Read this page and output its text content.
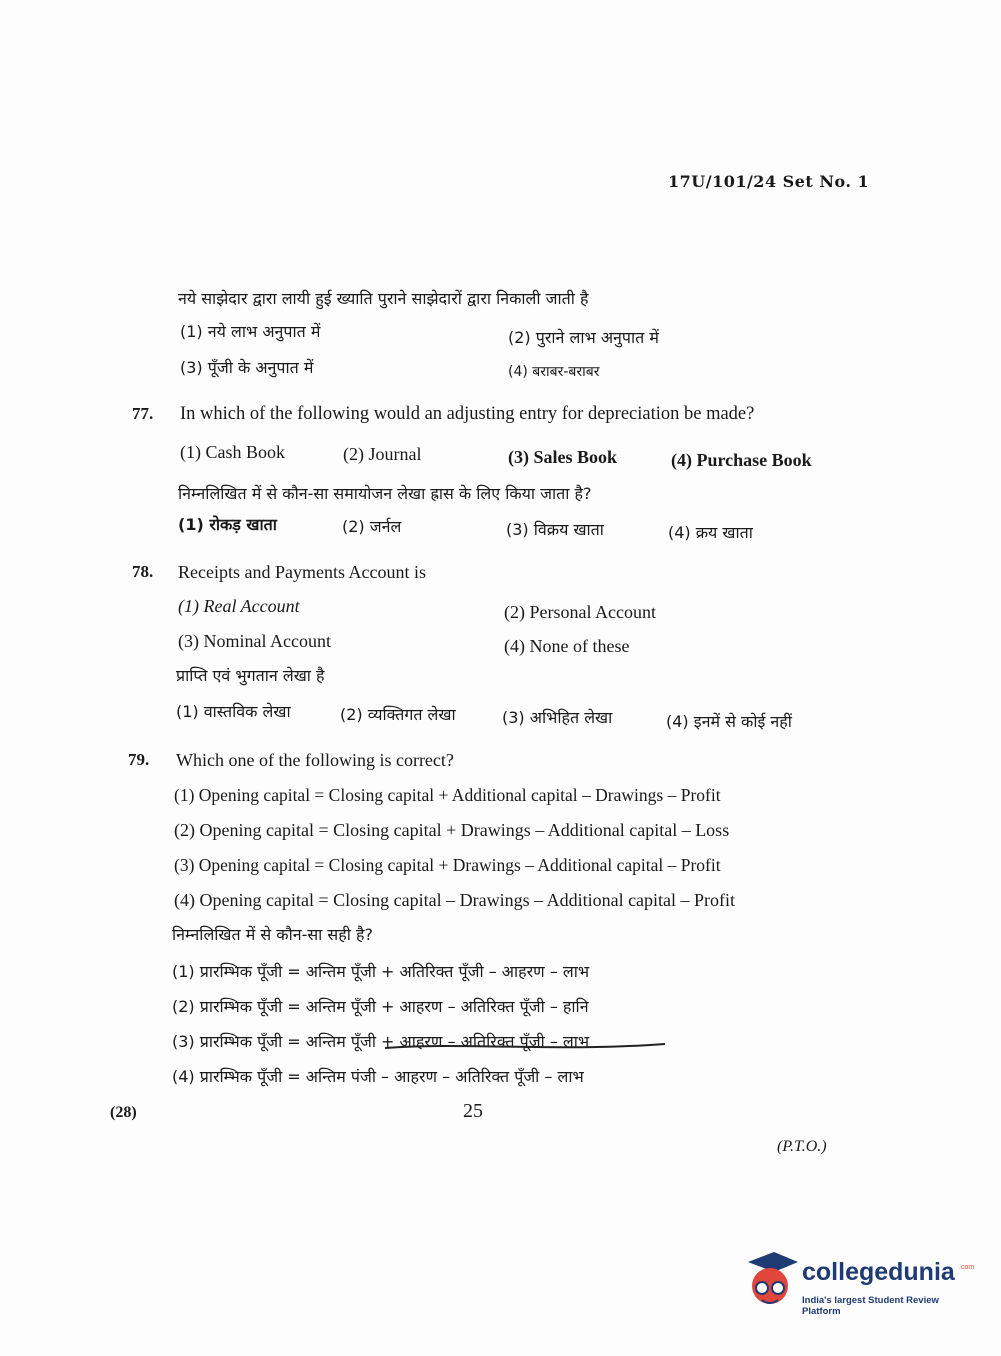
17U/101/24 Set No. 1
नये साझेदार द्वारा लायी हुई ख्याति पुराने साझेदारों द्वारा निकाली जाती है
(1) नये लाभ अनुपात में	(2) पुराने लाभ अनुपात में
(3) पूँजी के अनुपात में	(4) बराबर-बराबर
77. In which of the following would an adjusting entry for depreciation be made?
(1) Cash Book	(2) Journal	(3) Sales Book	(4) Purchase Book
निम्नलिखित में से कौन-सा समायोजन लेखा ह्रास के लिए किया जाता है?
(1) रोकड़ खाता	(2) जर्नल	(3) विक्रय खाता	(4) क्रय खाता
78. Receipts and Payments Account is
(1) Real Account	(2) Personal Account
(3) Nominal Account	(4) None of these
प्राप्ति एवं भुगतान लेखा है
(1) वास्तविक लेखा	(2) व्यक्तिगत लेखा	(3) अभिहित लेखा	(4) इनमें से कोई नहीं
79. Which one of the following is correct?
(1) Opening capital = Closing capital + Additional capital – Drawings – Profit
(2) Opening capital = Closing capital + Drawings – Additional capital – Loss
(3) Opening capital = Closing capital + Drawings – Additional capital – Profit
(4) Opening capital = Closing capital – Drawings – Additional capital – Profit
निम्नलिखित में से कौन-सा सही है?
(1) प्रारम्भिक पूँजी = अन्तिम पूँजी + अतिरिक्त पूँजी – आहरण – लाभ
(2) प्रारम्भिक पूँजी = अन्तिम पूँजी + आहरण – अतिरिक्त पूँजी – हानि
(3) प्रारम्भिक पूँजी = अन्तिम पूँजी + आहरण – अतिरिक्त पूँजी – लाभ
(4) प्रारम्भिक पूँजी = अन्तिम पंजी – आहरण – अतिरिक्त पूँजी – लाभ
(28)	25
(P.T.O.)
collegedunia .com
India's largest Student Review Platform
